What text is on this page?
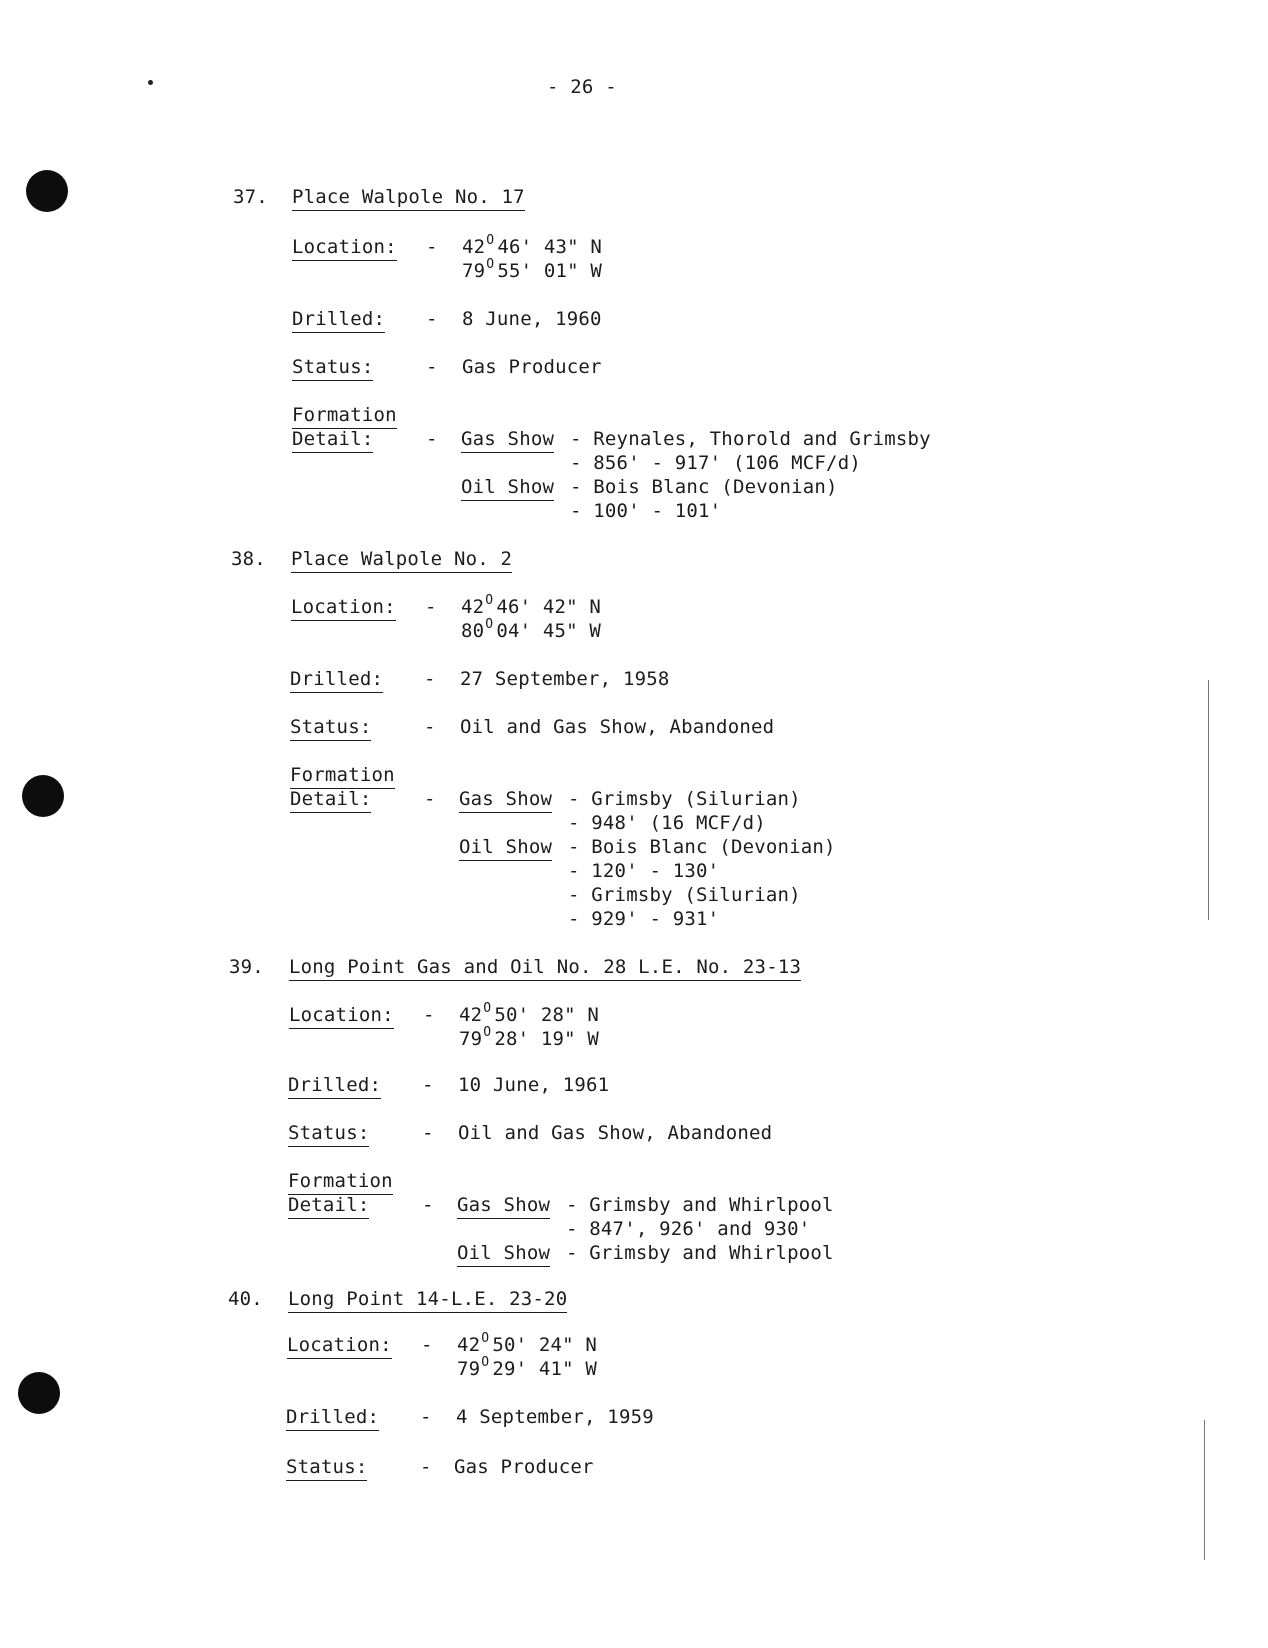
- 26 -
37. Place Walpole No. 17
Location: - $42^O$ 46' 43" N
$79^O$ 55' 01" W
Drilled: - 8 June, 1960
Status:	- Gas Producer
Formation
Detail:	- Gas Show - Reynales, Thorold and Grimsby
- 856' - 917' (106 MCF/d)
Oil Show - Bois Blanc (Devonian)
- 100' - 101'
38. Place Walpole No. 2
Location: - $42^O$ 46' 42" N
$80^O$ 04' 45" W
Drilled: - 27 September, 1958
Status:	- Oil and Gas Show, Abandoned
Formation
Detail:	- Gas Show - Grimsby (Silurian)
- 948' (16 MCF/d)
Oil Show - Bois Blanc (Devonian)
- 120' - 130'
- Grimsby (Silurian)
- 929' - 931'
39. Long Point Gas and Oil No. 28 L.E. No. 23-13
Location: - $42^O$ 50' 28" N
$79^O$ 28' 19" W
Drilled: - 10 June, 1961
Status:	- Oil and Gas Show, Abandoned
Formation
Detail:	- Gas Show - Grimsby and Whirlpool
- 847', 926' and 930'
Oil Show - Grimsby and Whirlpool
40. Long Point 14-L.E. 23-20
Location: - $42^O$ 50' 24" N
$79^O$ 29' 41" W
Drilled: - 4 September, 1959
Status:	- Gas Producer
